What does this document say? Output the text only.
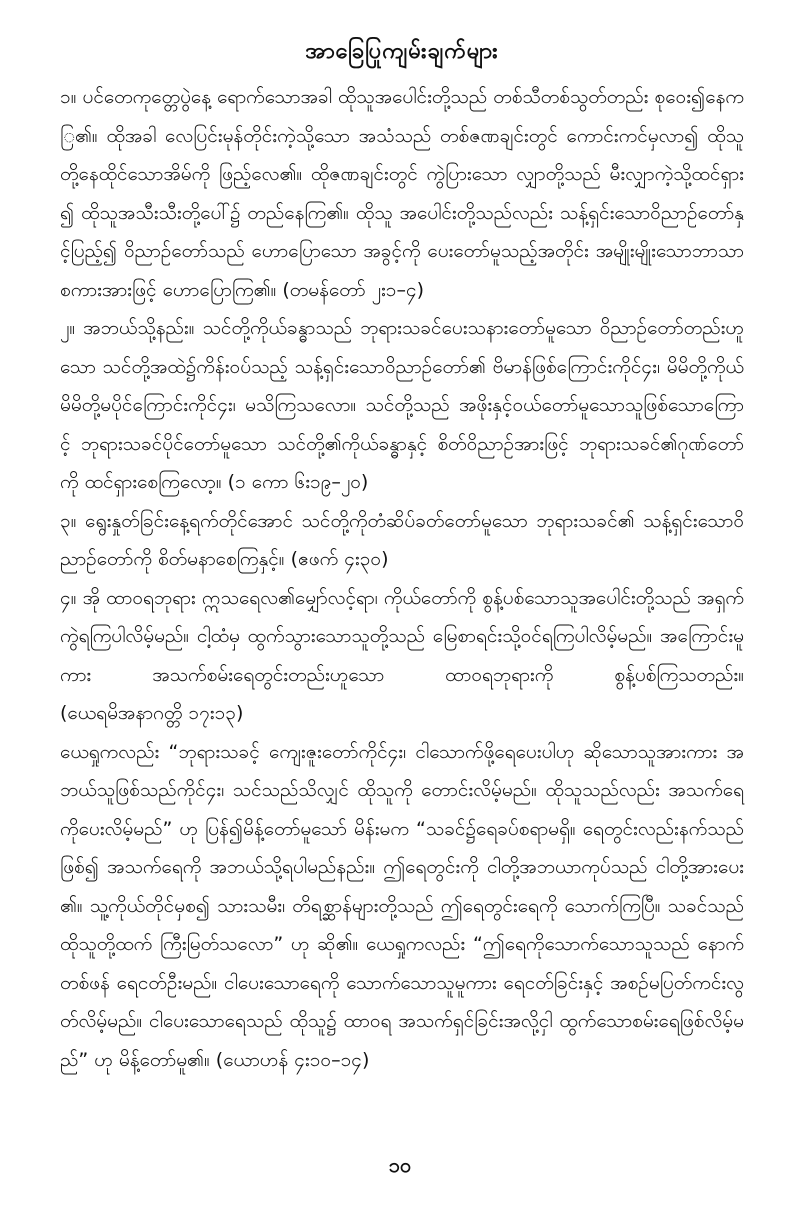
အာခြေပြုကျမ်းချက်များ

၁။ ပင်တေကုတ္တေပွဲနေ့ ရောက်သောအခါ ထိုသူအပေါင်းတို့သည် တစ်သီတစ်သွတ်တည်း စုဝေး၍နေကြ၏။ ထိုအခါ လေပြင်းမုန်တိုင်းကဲ့သို့သော အသံသည် တစ်ဇဏချင်းတွင် ကောင်းကင်မှလာ၍ ထိုသူတို့နေထိုင်သောအိမ်ကို ဖြည့်လေ၏။ ထိုဇဏချင်းတွင် ကွဲပြားသော လျှာတို့သည် မီးလျှာကဲ့သို့ထင်ရှား၍ ထိုသူအသီးသီးတို့ပေါ်၌ တည်နေကြ၏။ ထိုသူ အပေါင်းတို့သည်လည်း သန့်ရှင်းသောဝိညာဉ်တော်နှင့်ပြည့်၍ ဝိညာဉ်တော်သည် ဟောပြောသော အခွင့်ကို ပေးတော်မူသည့်အတိုင်း အမျိုးမျိုးသောဘာသာစကားအားဖြင့် ဟောပြောကြ၏။ (တမန်တော် ၂း၁–၄)

၂။ အဘယ်သို့နည်း။ သင်တို့ကိုယ်ခန္ဓာသည် ဘုရားသခင်ပေးသနားတော်မူသော ဝိညာဉ်တော်တည်းဟူသော သင်တို့အထဲ၌ကိန်းဝပ်သည့် သန့်ရှင်းသောဝိညာဉ်တော်၏ ဗိမာန်ဖြစ်ကြောင်းကိုင်၄း၊ မိမိတို့ကိုယ် မိမိတို့မပိုင်ကြောင်းကိုင်၄း၊ မသိကြသလော။ သင်တို့သည် အဖိုးနှင့်ဝယ်တော်မူသောသူဖြစ်သောကြောင့် ဘုရားသခင်ပိုင်တော်မူသော သင်တို့၏ကိုယ်ခန္ဓာနှင့် စိတ်ဝိညာဉ်အားဖြင့် ဘုရားသခင်၏ဂုဏ်တော်ကို ထင်ရှားစေကြလော့။ (၁ ကော ၆း၁၉–၂၀)

၃။ ရွေးနှုတ်ခြင်းနေ့ရက်တိုင်အောင် သင်တို့ကိုတံဆိပ်ခတ်တော်မူသော ဘုရားသခင်၏ သန့်ရှင်းသောဝိညာဉ်တော်ကို စိတ်မနာစေကြနှင့်။ (ဧဖက် ၄း၃၀)

၄။ အို ထာဝရဘုရား ဣသရေလ၏မျှော်လင့်ရာ၊ ကိုယ်တော်ကို စွန့်ပစ်သောသူအပေါင်းတို့သည် အရှက်ကွဲရကြပါလိမ့်မည်။ ငါ့ထံမှ ထွက်သွားသောသူတို့သည် မြေစာရင်းသို့ဝင်ရကြပါလိမ့်မည်။ အကြောင်းမူကား အသက်စမ်းရေတွင်းတည်းဟူသော ထာဝရဘုရားကို စွန့်ပစ်ကြသတည်း။ (ယေရမိအနာဂတ္တိ ၁၇း၁၃)

ယေရှုကလည်း “ဘုရားသခင့် ကျေးဇူးတော်ကိုင်၄း၊ ငါသောက်ဖို့ရေပေးပါဟု ဆိုသောသူအားကား အဘယ်သူဖြစ်သည်ကိုင်၄း၊ သင်သည်သိလျှင် ထိုသူကို တောင်းလိမ့်မည်။ ထိုသူသည်လည်း အသက်ရေကိုပေးလိမ့်မည်” ဟု ပြန်၍မိန့်တော်မူသော် မိန်းမက “သခင်၌ရေခပ်စရာမရှိ။ ရေတွင်းလည်းနက်သည်ဖြစ်၍ အသက်ရေကို အဘယ်သို့ရပါမည်နည်း။ ဤရေတွင်းကို ငါတို့အဘယာကုပ်သည် ငါတို့အားပေး၏။ သူ့ကိုယ်တိုင်မှစ၍ သားသမီး၊ တိရစ္ဆာန်များတို့သည် ဤရေတွင်းရေကို သောက်ကြပြီ။ သခင်သည် ထိုသူတို့ထက် ကြီးမြတ်သလော” ဟု ဆို၏။ ယေရှုကလည်း “ဤရေကိုသောက်သောသူသည် နောက်တစ်ဖန် ရေငတ်ဦးမည်။ ငါပေးသောရေကို သောက်သောသူမူကား ရေငတ်ခြင်းနှင့် အစဉ်မပြတ်ကင်းလွတ်လိမ့်မည်။ ငါပေးသောရေသည် ထိုသူ၌ ထာဝရ အသက်ရှင်ခြင်းအလို့ငှါ ထွက်သောစမ်းရေဖြစ်လိမ့်မည်” ဟု မိန့်တော်မူ၏။ (ယောဟန် ၄း၁၀–၁၄)

၁၀
